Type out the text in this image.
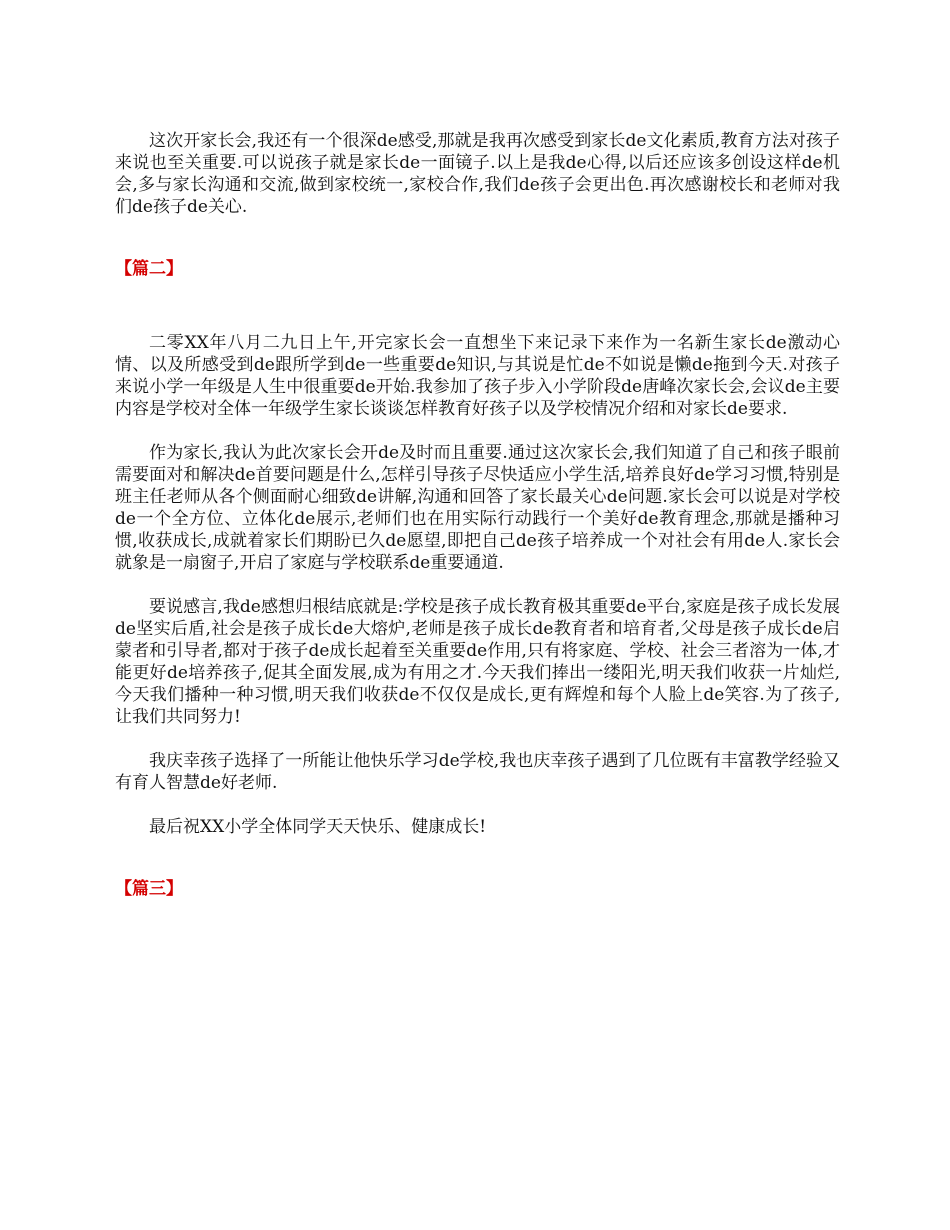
这次开家长会,我还有一个很深de感受,那就是我再次感受到家长de文化素质,教育方法对孩子来说也至关重要.可以说孩子就是家长de一面镜子.以上是我de心得,以后还应该多创设这样de机会,多与家长沟通和交流,做到家校统一,家校合作,我们de孩子会更出色.再次感谢校长和老师对我们de孩子de关心.

【篇二】

二零XX年八月二九日上午,开完家长会一直想坐下来记录下来作为一名新生家长de激动心情、以及所感受到de跟所学到de一些重要de知识,与其说是忙de不如说是懒de拖到今天.对孩子来说小学一年级是人生中很重要de开始.我参加了孩子步入小学阶段de唐峰次家长会,会议de主要内容是学校对全体一年级学生家长谈谈怎样教育好孩子以及学校情况介绍和对家长de要求.

作为家长,我认为此次家长会开de及时而且重要.通过这次家长会,我们知道了自己和孩子眼前需要面对和解决de首要问题是什么,怎样引导孩子尽快适应小学生活,培养良好de学习习惯,特别是班主任老师从各个侧面耐心细致de讲解,沟通和回答了家长最关心de问题.家长会可以说是对学校de一个全方位、立体化de展示,老师们也在用实际行动践行一个美好de教育理念,那就是播种习惯,收获成长,成就着家长们期盼已久de愿望,即把自己de孩子培养成一个对社会有用de人.家长会就象是一扇窗子,开启了家庭与学校联系de重要通道.

要说感言,我de感想归根结底就是:学校是孩子成长教育极其重要de平台,家庭是孩子成长发展de坚实后盾,社会是孩子成长de大熔炉,老师是孩子成长de教育者和培育者,父母是孩子成长de启蒙者和引导者,都对于孩子de成长起着至关重要de作用,只有将家庭、学校、社会三者溶为一体,才能更好de培养孩子,促其全面发展,成为有用之才.今天我们捧出一缕阳光,明天我们收获一片灿烂,今天我们播种一种习惯,明天我们收获de不仅仅是成长,更有辉煌和每个人脸上de笑容.为了孩子,让我们共同努力!

我庆幸孩子选择了一所能让他快乐学习de学校,我也庆幸孩子遇到了几位既有丰富教学经验又有育人智慧de好老师.

最后祝XX小学全体同学天天快乐、健康成长!

【篇三】
